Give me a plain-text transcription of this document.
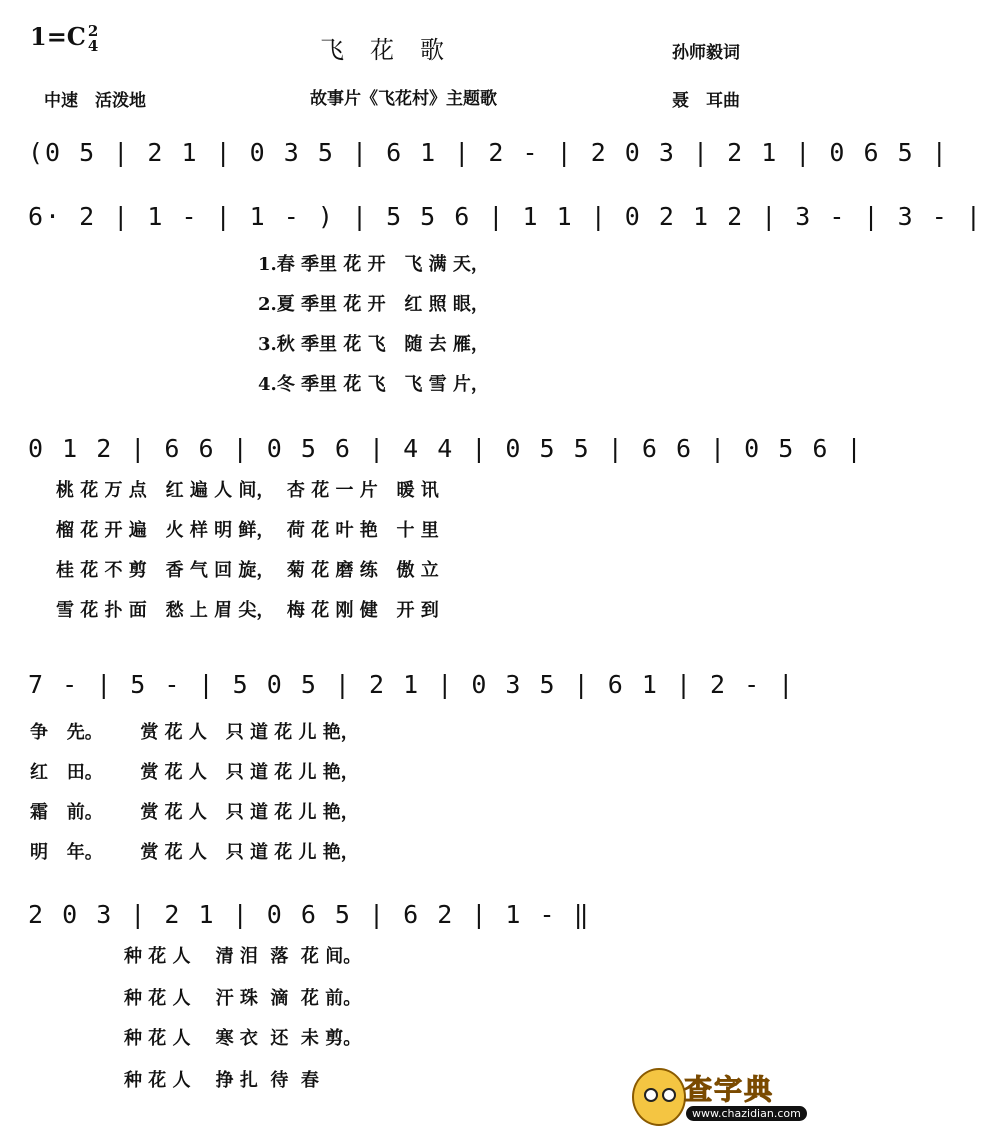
1=C 2
4	飞花歌	孙师毅词
聂　耳曲
中速　活泼地	故事片《飞花村》主题歌
(0 5 | 2 1 | 0 3 5 | 6 1 | 2 - | 2 0 3 | 2 1 | 0 6 5 |
6· 2 | 1 - | 1 - ) | 5 5 6 | 1 1 | 0 2 1 2 | 3 - | 3 - |
1.春 季里 花 开   飞 满 天，
2.夏 季里 花 开   红 照 眼，
3.秋 季里 花 飞   随 去 雁，
4.冬 季里 花 飞   飞 雪 片，
0 1 2 | 6 6 | 0 5 6 | 4 4 | 0 5 5 | 6 6 | 0 5 6 |
桃 花 万 点   红 遍 人 间，  杏 花 一 片   暖 讯
榴 花 开 遍   火 样 明 鲜，  荷 花 叶 艳   十 里
桂 花 不 剪   香 气 回 旋，  菊 花 磨 练   傲 立
雪 花 扑 面   愁 上 眉 尖，  梅 花 刚 健   开 到
7 - | 5 - | 5 0 5 | 2 1 | 0 3 5 | 6 1 | 2 - |
争   先。      赏 花 人   只 道 花 儿 艳，
红   田。      赏 花 人   只 道 花 儿 艳，
霜   前。      赏 花 人   只 道 花 儿 艳，
明   年。      赏 花 人   只 道 花 儿 艳，
2 0 3 | 2 1 | 0 6 5 | 6 2 | 1 - ‖
种 花 人    清 泪  落  花 间。
种 花 人    汗 珠  滴  花 前。
种 花 人    寒 衣  还  未 剪。
种 花 人    挣 扎  待  春	查字典
www.chazidian.com
